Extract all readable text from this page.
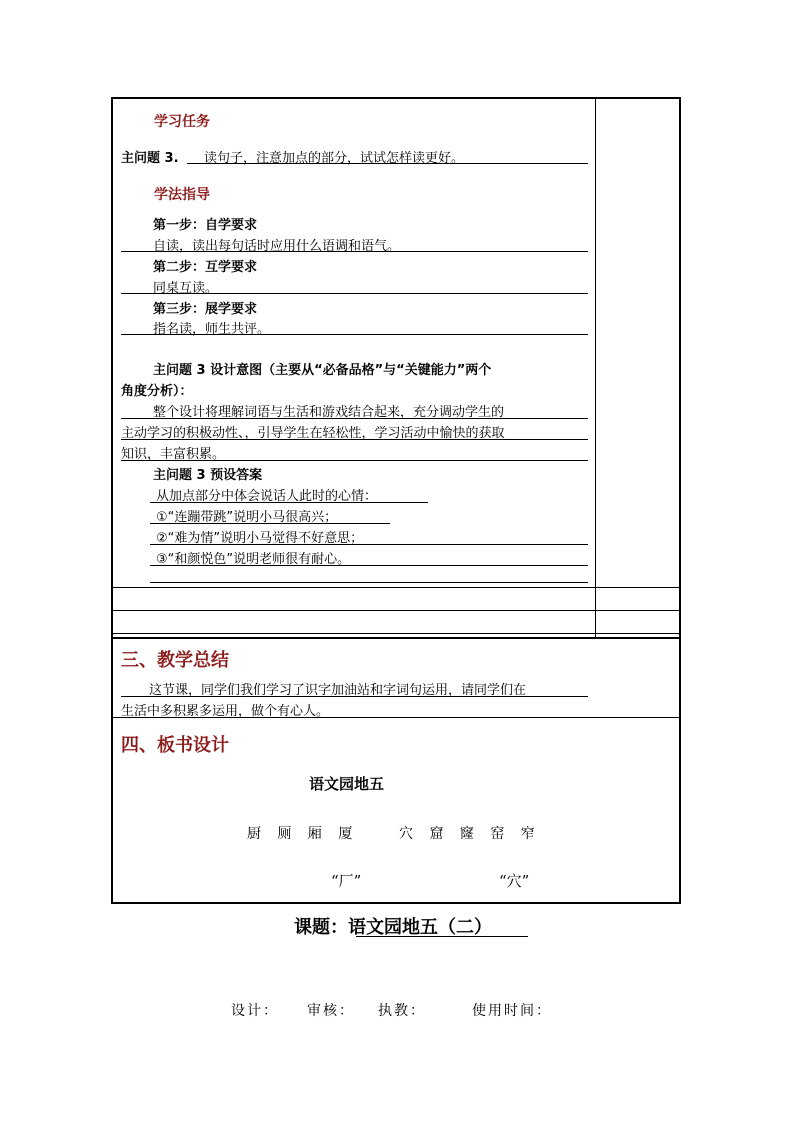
学习任务
主问题 3. 读句子，注意加点的部分，试试怎样读更好。
学法指导
第一步：自学要求
自读，读出每句话时应用什么语调和语气。
第二步：互学要求
同桌互读。
第三步：展学要求
指名读，师生共评。
主问题 3 设计意图（主要从“必备品格”与“关键能力”两个
角度分析）：
整个设计将理解词语与生活和游戏结合起来，充分调动学生的
主动学习的积极动性、，引导学生在轻松性，学习活动中愉快的获取
知识，丰富积累。
主问题 3 预设答案
从加点部分中体会说话人此时的心情：
①“连蹦带跳”说明小马很高兴；
②“难为情”说明小马觉得不好意思；
③“和颜悦色”说明老师很有耐心。
三、教学总结
这节课，同学们我们学习了识字加油站和字词句运用，请同学们在
生活中多积累多运用，做个有心人。
四、板书设计
语文园地五
厨 厕 厢 厦	穴 窟 窿 窑 窄
“厂”	“穴”
课题：语文园地五（二）
设计： 审核： 执教：	使用时间：
